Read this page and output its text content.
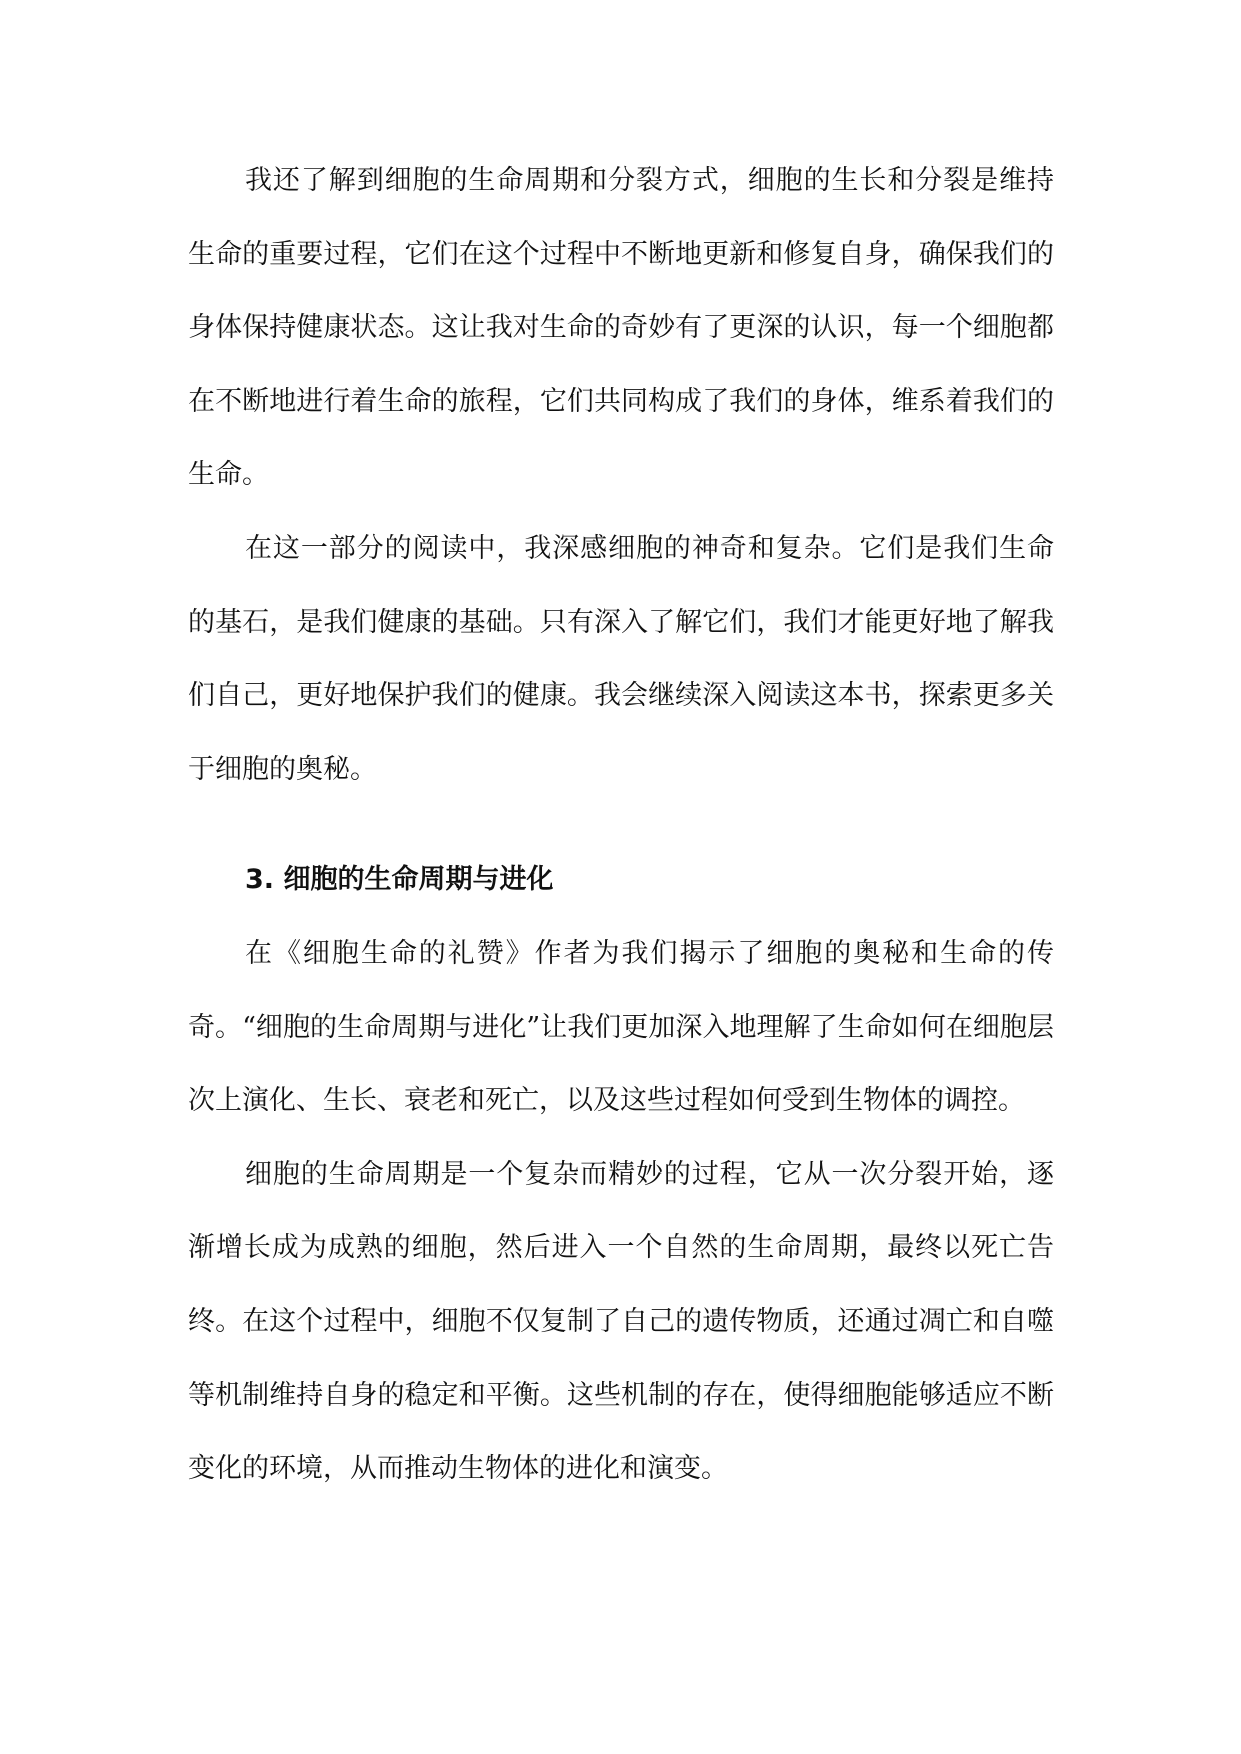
我还了解到细胞的生命周期和分裂方式，细胞的生长和分裂是维持生命的重要过程，它们在这个过程中不断地更新和修复自身，确保我们的身体保持健康状态。这让我对生命的奇妙有了更深的认识，每一个细胞都在不断地进行着生命的旅程，它们共同构成了我们的身体，维系着我们的生命。

在这一部分的阅读中，我深感细胞的神奇和复杂。它们是我们生命的基石，是我们健康的基础。只有深入了解它们，我们才能更好地了解我们自己，更好地保护我们的健康。我会继续深入阅读这本书，探索更多关于细胞的奥秘。

3. 细胞的生命周期与进化

在《细胞生命的礼赞》作者为我们揭示了细胞的奥秘和生命的传奇。“细胞的生命周期与进化”让我们更加深入地理解了生命如何在细胞层次上演化、生长、衰老和死亡，以及这些过程如何受到生物体的调控。

细胞的生命周期是一个复杂而精妙的过程，它从一次分裂开始，逐渐增长成为成熟的细胞，然后进入一个自然的生命周期，最终以死亡告终。在这个过程中，细胞不仅复制了自己的遗传物质，还通过凋亡和自噬等机制维持自身的稳定和平衡。这些机制的存在，使得细胞能够适应不断变化的环境，从而推动生物体的进化和演变。
